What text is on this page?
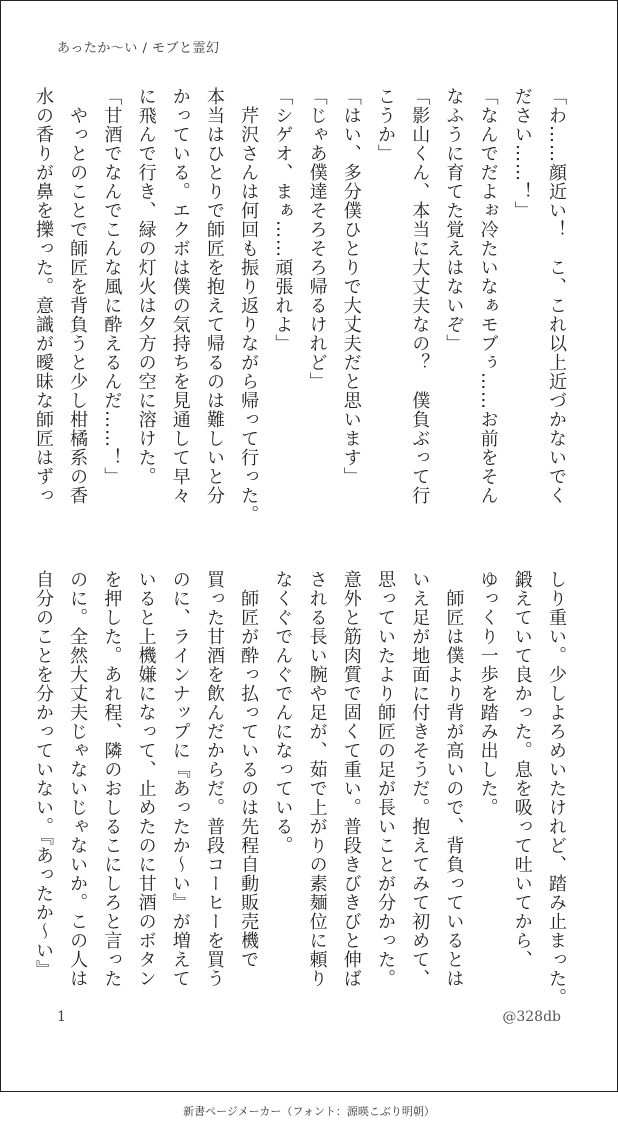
あったか〜い / モブと霊幻

「わ……顔近い！　こ、これ以上近づかないでく

ださい……！」

「なんでだよぉ冷たいなぁモブぅ……お前をそん

なふうに育てた覚えはないぞ」

「影山くん、本当に大丈夫なの？　僕負ぶって行

こうか」

「はい、多分僕ひとりで大丈夫だと思います」

「じゃあ僕達そろそろ帰るけれど」

「シゲオ、まぁ……頑張れよ」

　芹沢さんは何回も振り返りながら帰って行った。

本当はひとりで師匠を抱えて帰るのは難しいと分

かっている。エクボは僕の気持ちを見通して早々

に飛んで行き、緑の灯火は夕方の空に溶けた。

「甘酒でなんでこんな風に酔えるんだ……！」

　やっとのことで師匠を背負うと少し柑橘系の香

水の香りが鼻を擽った。意識が曖昧な師匠はずっ

しり重い。少しよろめいたけれど、踏み止まった。

鍛えていて良かった。息を吸って吐いてから、

ゆっくり一歩を踏み出した。

　師匠は僕より背が高いので、背負っているとは

いえ足が地面に付きそうだ。抱えてみて初めて、

思っていたより師匠の足が長いことが分かった。

意外と筋肉質で固くて重い。普段きびきびと伸ば

される長い腕や足が、茹で上がりの素麺位に頼り

なくぐでんぐでんになっている。

　師匠が酔っ払っているのは先程自動販売機で

買った甘酒を飲んだからだ。普段コーヒーを買う

のに、ラインナップに『あったか〜い』が増えて

いると上機嫌になって、止めたのに甘酒のボタン

を押した。あれ程、隣のおしるこにしろと言った

のに。全然大丈夫じゃないじゃないか。この人は

自分のことを分かっていない。『あったか〜い』

1	@328db
新書ページメーカー（フォント：源暎こぶり明朝）
